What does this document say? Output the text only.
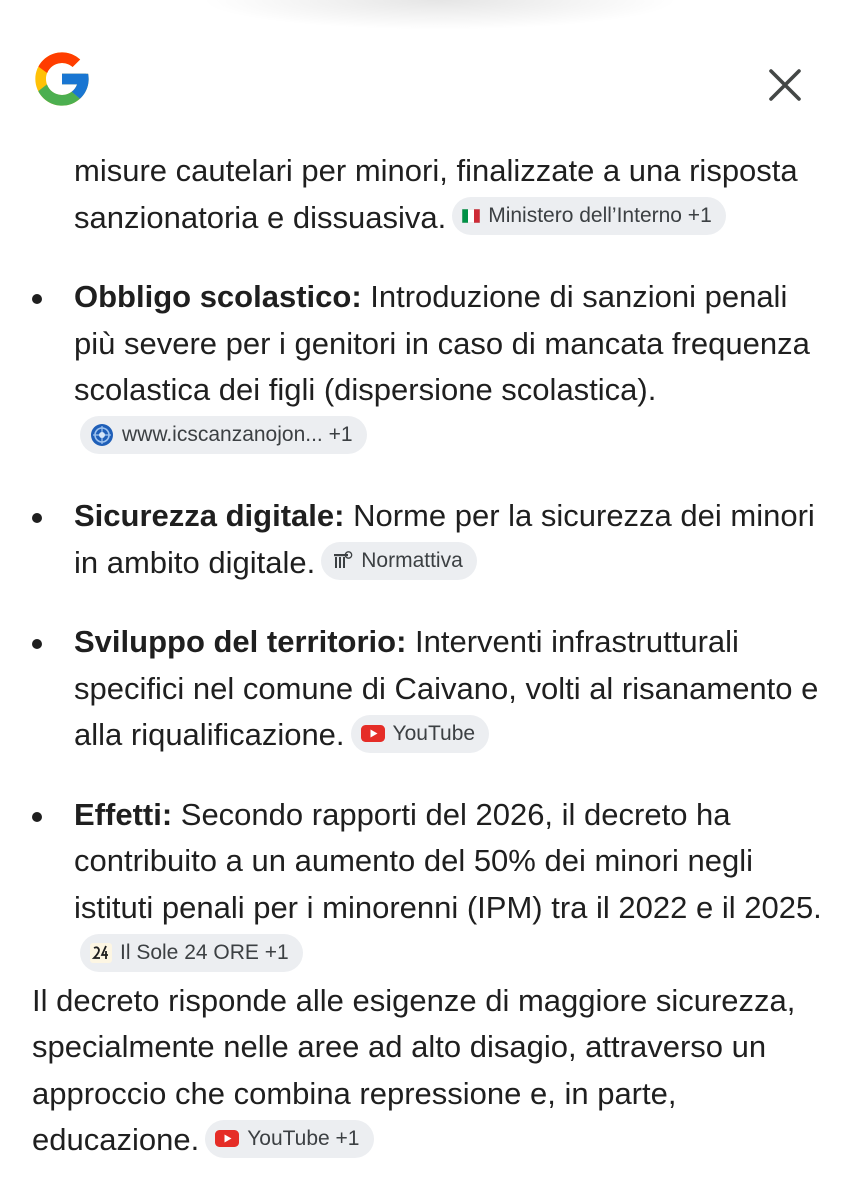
misure cautelari per minori, finalizzate a una risposta sanzionatoria e dissuasiva. Ministero dell’Interno +1

Obbligo scolastico: Introduzione di sanzioni penali più severe per i genitori in caso di mancata frequenza scolastica dei figli (dispersione scolastica).
www.icscanzanojon... +1
Sicurezza digitale: Norme per la sicurezza dei minori in ambito digitale. Normattiva
Sviluppo del territorio: Interventi infrastrutturali specifici nel comune di Caivano, volti al risanamento e alla riqualificazione. YouTube
Effetti: Secondo rapporti del 2026, il decreto ha contribuito a un aumento del 50% dei minori negli istituti penali per i minorenni (IPM) tra il 2022 e il 2025.
Il Sole 24 ORE +1

Il decreto risponde alle esigenze di maggiore sicurezza, specialmente nelle aree ad alto disagio, attraverso un approccio che combina repressione e, in parte, educazione. YouTube +1
